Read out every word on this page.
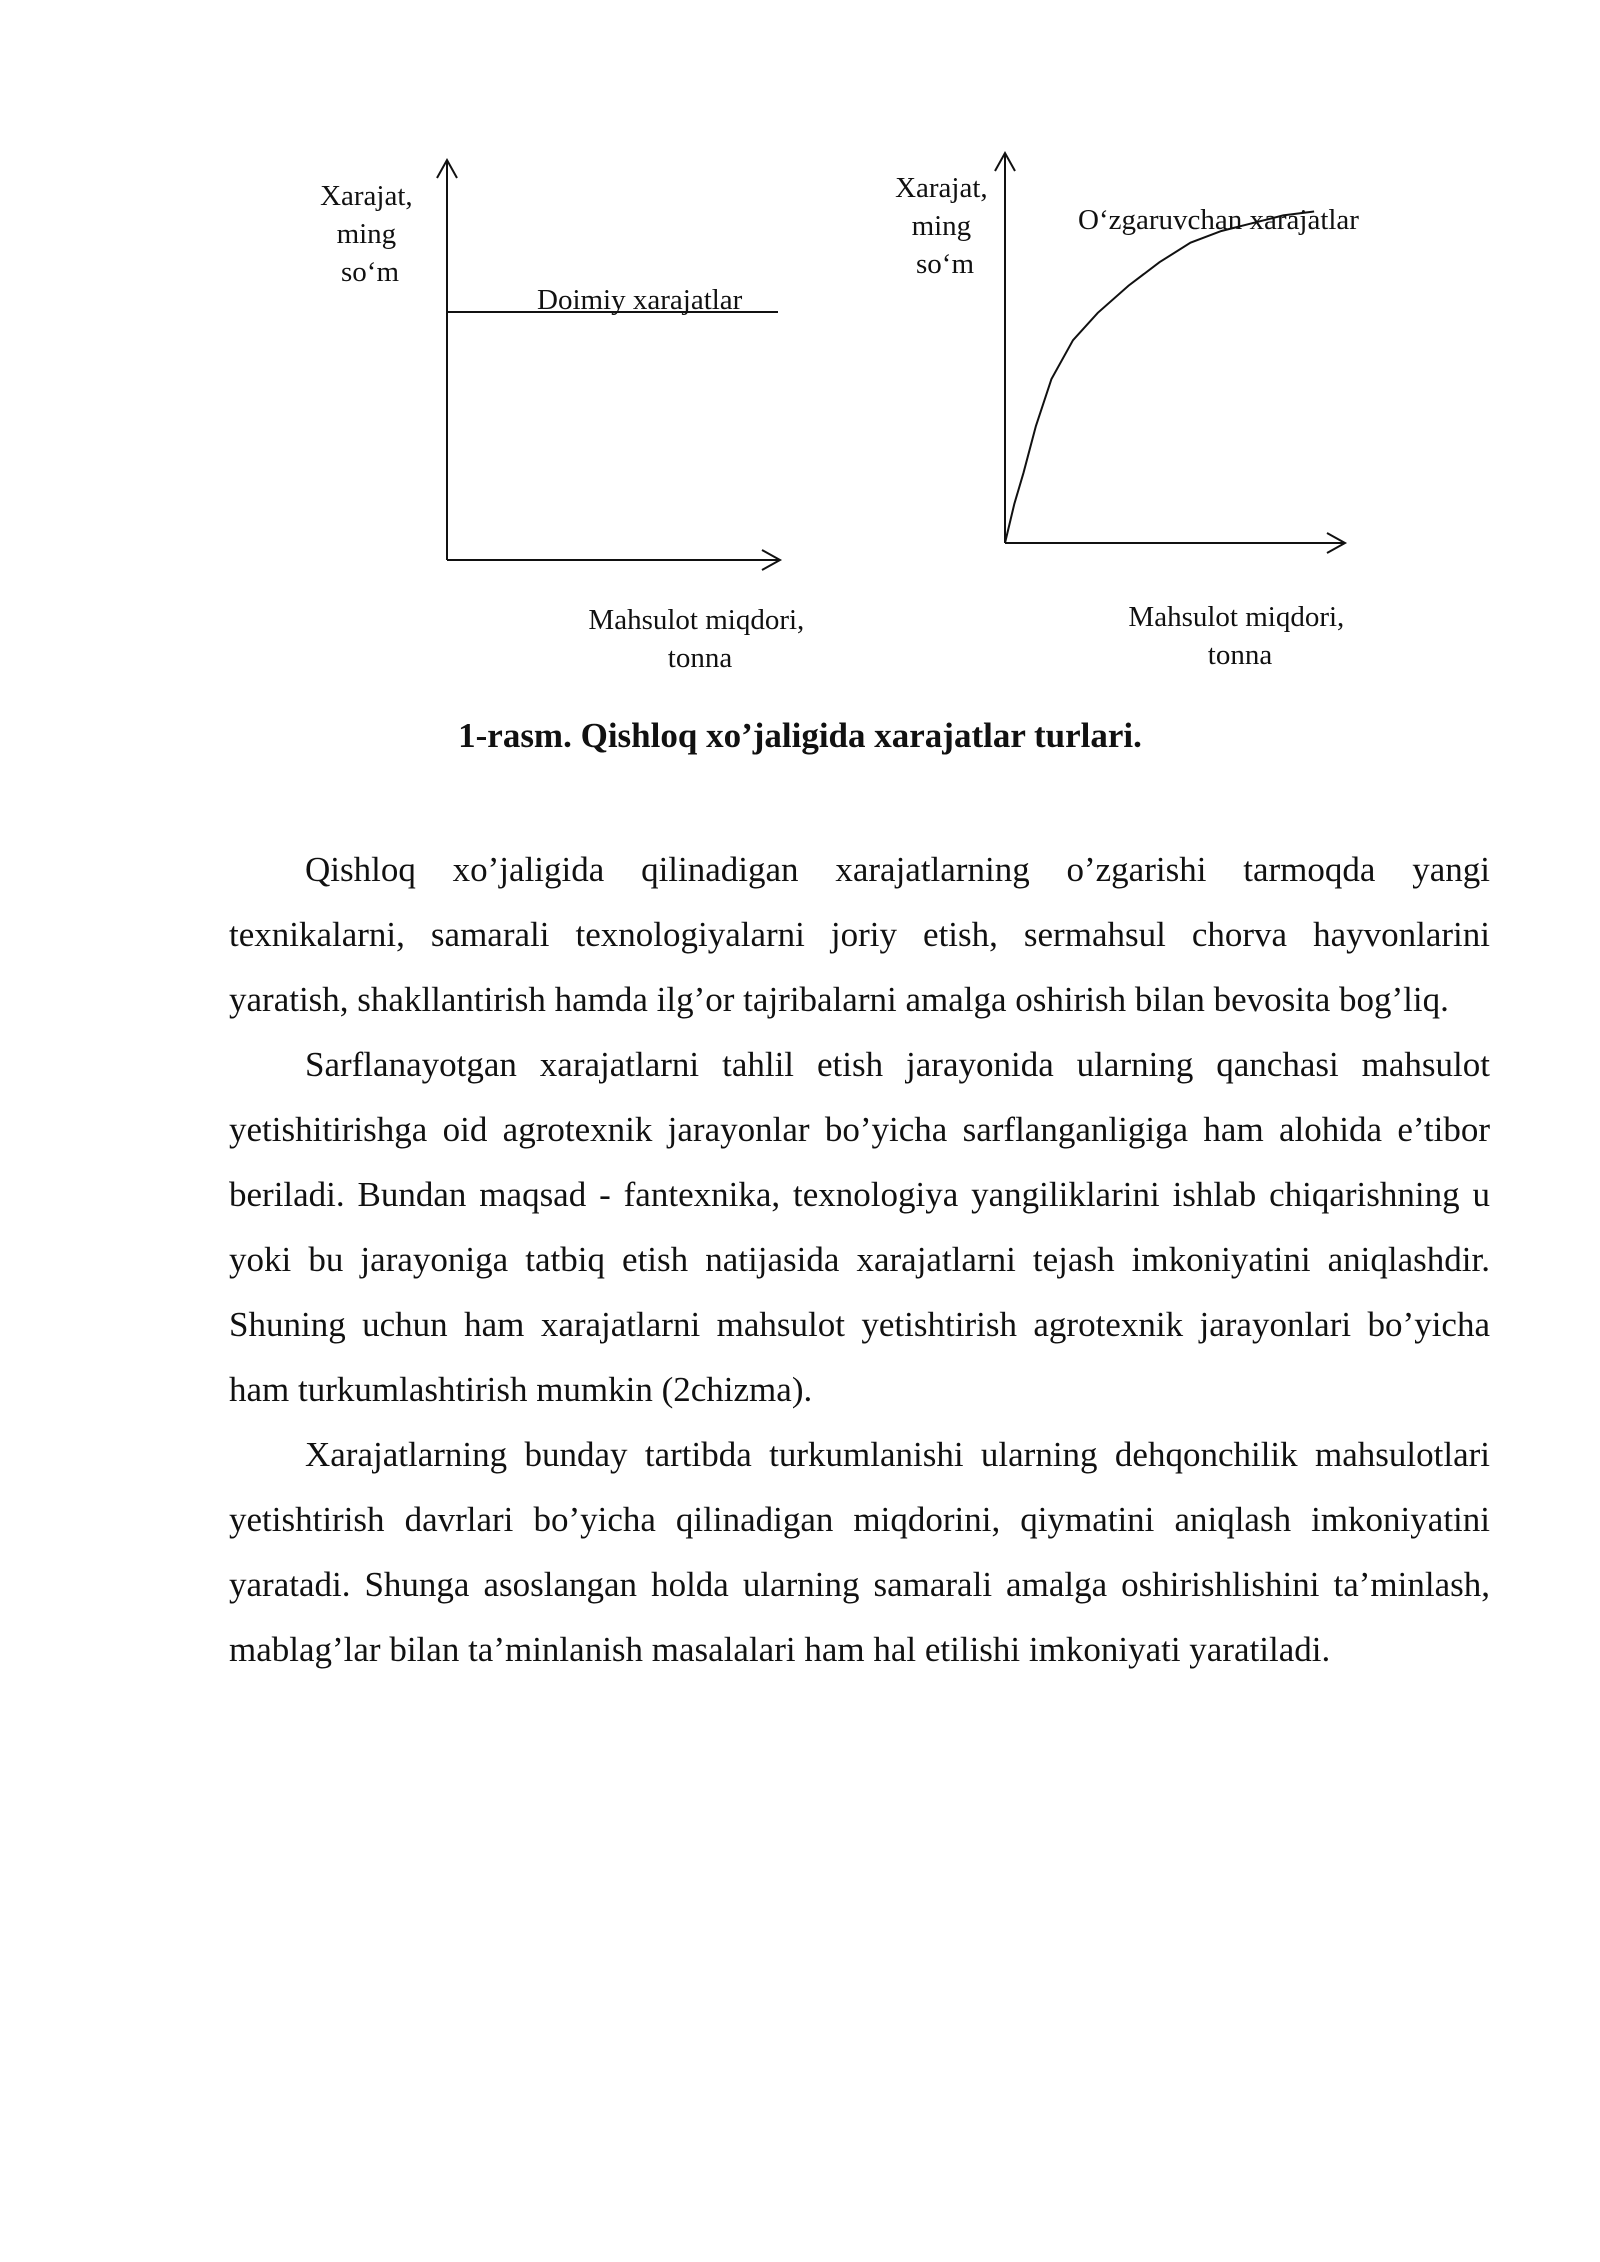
Xarajat, ming so‘m
Doimiy xarajatlar
Mahsulot miqdori, tonna
Xarajat, ming so‘m
O‘zgaruvchan xarajatlar
Mahsulot miqdori, tonna
1-rasm. Qishloq xo’jaligida xarajatlar turlari.

Qishloq xo’jaligida qilinadigan xarajatlarning o’zgarishi tarmoqda yangi texnikalarni, samarali texnologiyalarni joriy etish, sermahsul chorva hayvonlarini yaratish, shakllantirish hamda ilg’or tajribalarni amalga oshirish bilan bevosita bog’liq.

Sarflanayotgan xarajatlarni tahlil etish jarayonida ularning qanchasi mahsulot yetishitirishga oid agrotexnik jarayonlar bo’yicha sarflanganligiga ham alohida e’tibor beriladi. Bundan maqsad - fantexnika, texnologiya yangiliklarini ishlab chiqarishning u yoki bu jarayoniga tatbiq etish natijasida xarajatlarni tejash imkoniyatini aniqlashdir. Shuning uchun ham xarajatlarni mahsulot yetishtirish agrotexnik jarayonlari bo’yicha ham turkumlashtirish mumkin (2chizma).

Xarajatlarning bunday tartibda turkumlanishi ularning dehqonchilik mahsulotlari yetishtirish davrlari bo’yicha qilinadigan miqdorini, qiymatini aniqlash imkoniyatini yaratadi. Shunga asoslangan holda ularning samarali amalga oshirishlishini ta’minlash, mablag’lar bilan ta’minlanish masalalari ham hal etilishi imkoniyati yaratiladi.
